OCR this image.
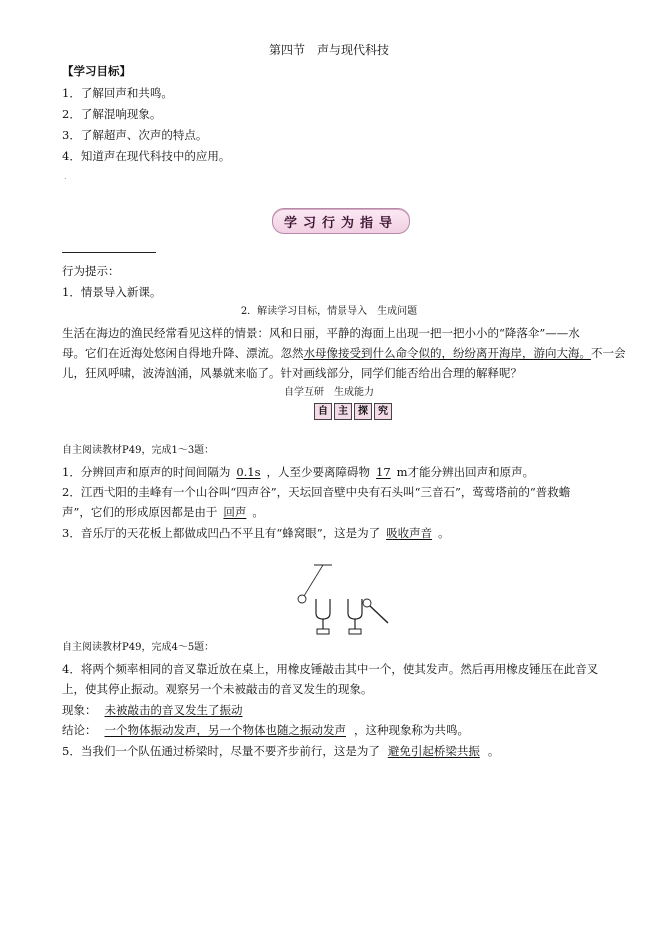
第四节　声与现代科技
【学习目标】
1．了解回声和共鸣。
2．了解混响现象。
3．了解超声、次声的特点。
4．知道声在现代科技中的应用。
.
学习行为指导
行为提示：
1．情景导入新课。
2．解读学习目标，情景导入　生成问题
生活在海边的渔民经常看见这样的情景：风和日丽，平静的海面上出现一把一把小小的“降落伞”——水
母。它们在近海处悠闲自得地升降、漂流。忽然水母像接受到什么命令似的，纷纷离开海岸，游向大海。不一会
儿，狂风呼啸，波涛汹涌，风暴就来临了。针对画线部分，同学们能否给出合理的解释呢？
自学互研　生成能力
自	主	探	究
自主阅读教材P49，完成1～3题：
1．分辨回声和原声的时间间隔为 0.1s ，人至少要离障碍物 17 m才能分辨出回声和原声。
2．江西弋阳的圭峰有一个山谷叫“四声谷”，天坛回音壁中央有石头叫“三音石”，莺莺塔前的“普救蟾
声”，它们的形成原因都是由于 回声 。
3．音乐厅的天花板上都做成凹凸不平且有“蜂窝眼”，这是为了 吸收声音 。
自主阅读教材P49，完成4～5题：
4．将两个频率相同的音叉靠近放在桌上，用橡皮锤敲击其中一个，使其发声。然后再用橡皮锤压在此音叉
上，使其停止振动。观察另一个未被敲击的音叉发生的现象。
现象： 未被敲击的音叉发生了振动
结论： 一个物体振动发声，另一个物体也随之振动发声 ，这种现象称为共鸣。
5．当我们一个队伍通过桥梁时，尽量不要齐步前行，这是为了 避免引起桥梁共振 。
